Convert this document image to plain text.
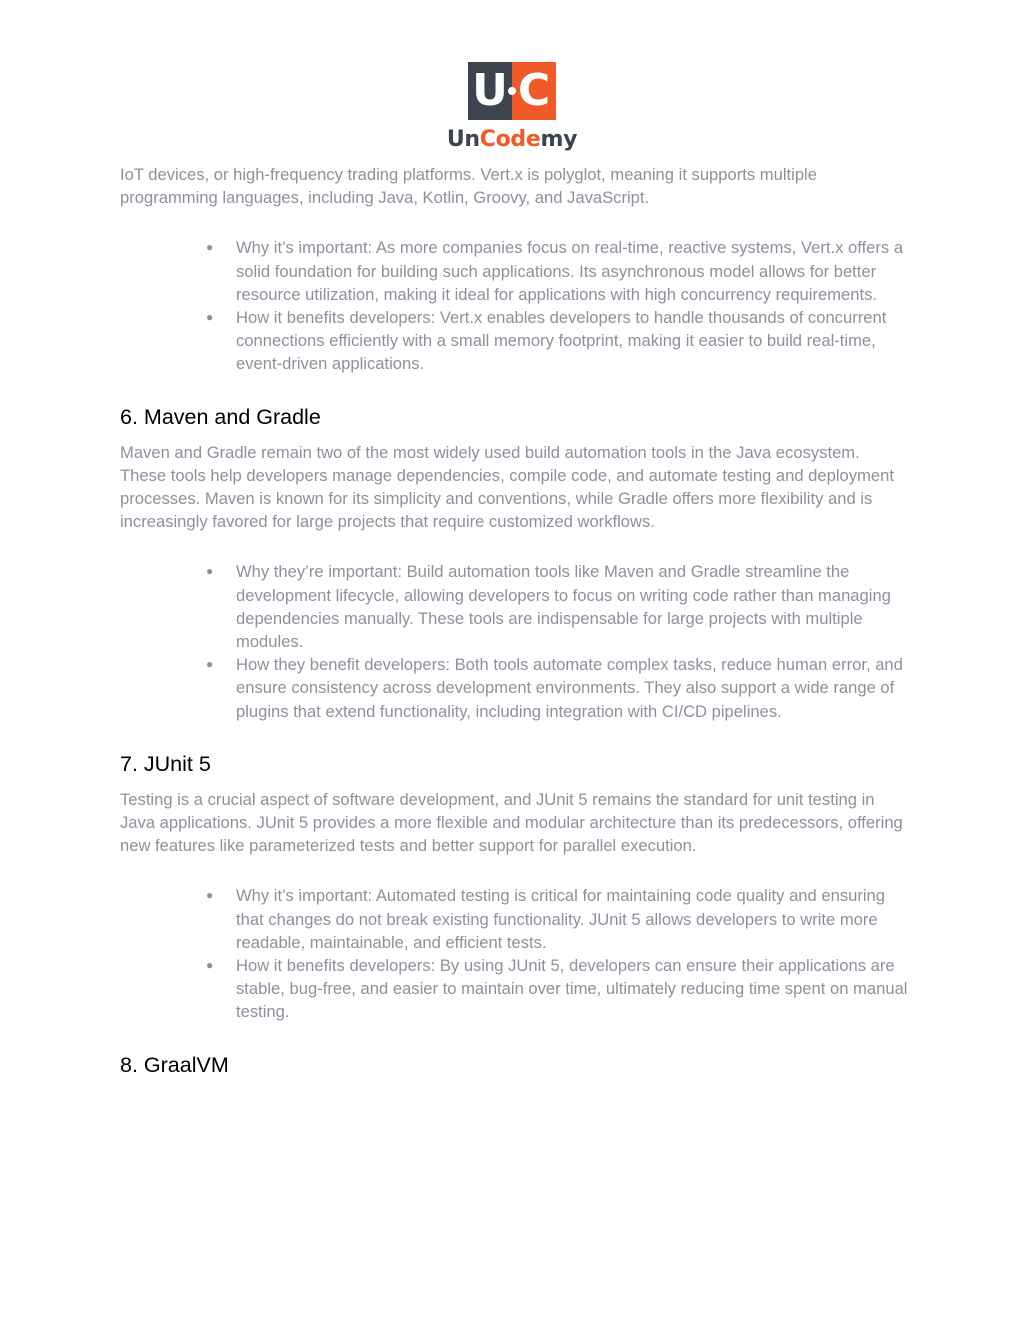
U C
UnCodemy

IoT devices, or high-frequency trading platforms. Vert.x is polyglot, meaning it supports multiple programming languages, including Java, Kotlin, Groovy, and JavaScript.

● Why it’s important: As more companies focus on real-time, reactive systems, Vert.x offers a solid foundation for building such applications. Its asynchronous model allows for better resource utilization, making it ideal for applications with high concurrency requirements.
● How it benefits developers: Vert.x enables developers to handle thousands of concurrent connections efficiently with a small memory footprint, making it easier to build real-time, event-driven applications.
6. Maven and Gradle

Maven and Gradle remain two of the most widely used build automation tools in the Java ecosystem. These tools help developers manage dependencies, compile code, and automate testing and deployment processes. Maven is known for its simplicity and conventions, while Gradle offers more flexibility and is increasingly favored for large projects that require customized workflows.

● Why they’re important: Build automation tools like Maven and Gradle streamline the development lifecycle, allowing developers to focus on writing code rather than managing dependencies manually. These tools are indispensable for large projects with multiple modules.
● How they benefit developers: Both tools automate complex tasks, reduce human error, and ensure consistency across development environments. They also support a wide range of plugins that extend functionality, including integration with CI/CD pipelines.
7. JUnit 5

Testing is a crucial aspect of software development, and JUnit 5 remains the standard for unit testing in Java applications. JUnit 5 provides a more flexible and modular architecture than its predecessors, offering new features like parameterized tests and better support for parallel execution.

● Why it’s important: Automated testing is critical for maintaining code quality and ensuring that changes do not break existing functionality. JUnit 5 allows developers to write more readable, maintainable, and efficient tests.
● How it benefits developers: By using JUnit 5, developers can ensure their applications are stable, bug-free, and easier to maintain over time, ultimately reducing time spent on manual testing.
8. GraalVM
